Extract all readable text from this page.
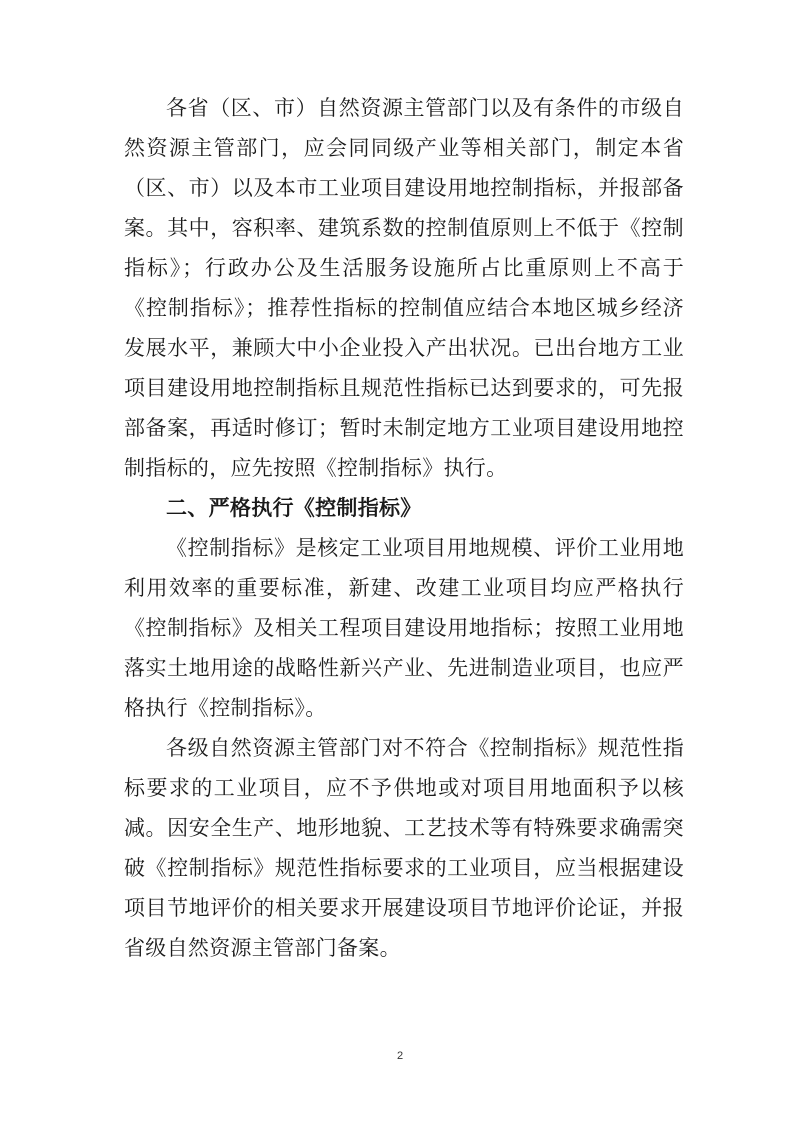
各省（区、市）自然资源主管部门以及有条件的市级自然资源主管部门，应会同同级产业等相关部门，制定本省（区、市）以及本市工业项目建设用地控制指标，并报部备案。其中，容积率、建筑系数的控制值原则上不低于《控制指标》；行政办公及生活服务设施所占比重原则上不高于《控制指标》；推荐性指标的控制值应结合本地区城乡经济发展水平，兼顾大中小企业投入产出状况。已出台地方工业项目建设用地控制指标且规范性指标已达到要求的，可先报部备案，再适时修订；暂时未制定地方工业项目建设用地控制指标的，应先按照《控制指标》执行。

二、严格执行《控制指标》

《控制指标》是核定工业项目用地规模、评价工业用地利用效率的重要标准，新建、改建工业项目均应严格执行《控制指标》及相关工程项目建设用地指标；按照工业用地落实土地用途的战略性新兴产业、先进制造业项目，也应严格执行《控制指标》。

各级自然资源主管部门对不符合《控制指标》规范性指标要求的工业项目，应不予供地或对项目用地面积予以核减。因安全生产、地形地貌、工艺技术等有特殊要求确需突破《控制指标》规范性指标要求的工业项目，应当根据建设项目节地评价的相关要求开展建设项目节地评价论证，并报省级自然资源主管部门备案。

2
